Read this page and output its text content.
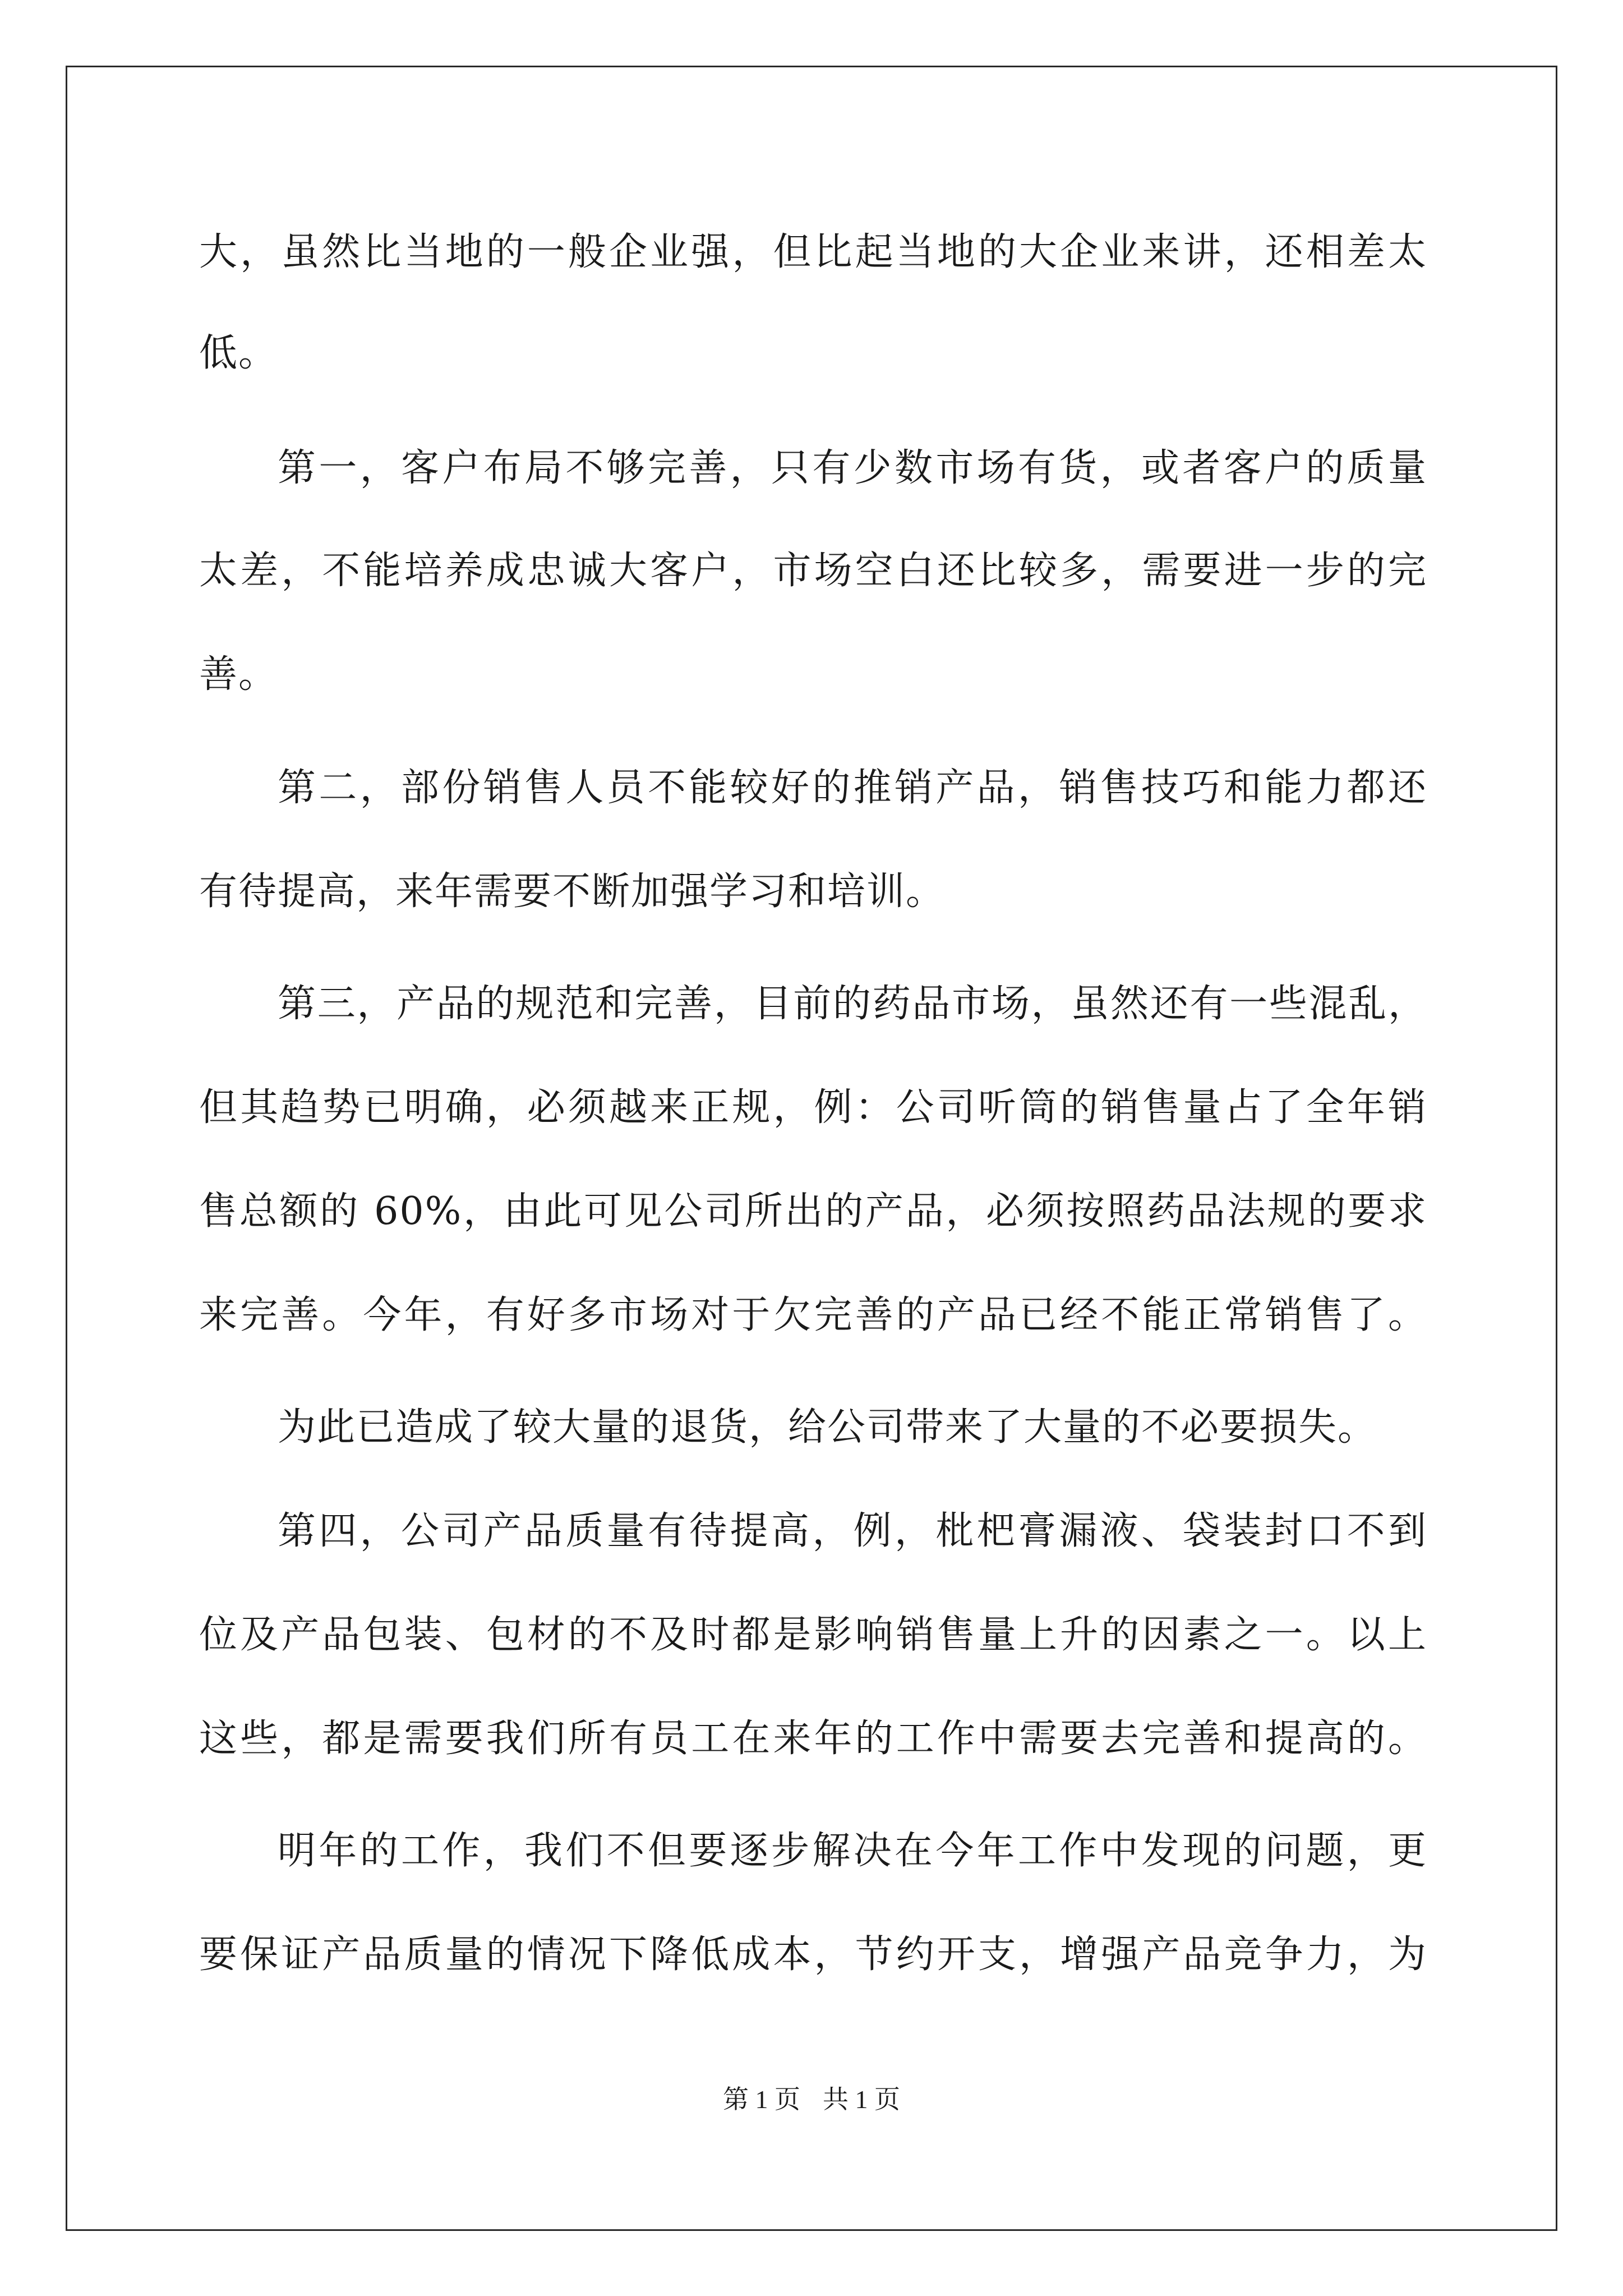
大，虽然比当地的一般企业强，但比起当地的大企业来讲，还相差太
低。
第一，客户布局不够完善，只有少数市场有货，或者客户的质量
太差，不能培养成忠诚大客户，市场空白还比较多，需要进一步的完
善。
第二，部份销售人员不能较好的推销产品，销售技巧和能力都还
有待提高，来年需要不断加强学习和培训。
第三，产品的规范和完善，目前的药品市场，虽然还有一些混乱，
但其趋势已明确，必须越来正规，例：公司听筒的销售量占了全年销
售总额的 60%，由此可见公司所出的产品，必须按照药品法规的要求
来完善。今年，有好多市场对于欠完善的产品已经不能正常销售了。
为此已造成了较大量的退货，给公司带来了大量的不必要损失。
第四，公司产品质量有待提高，例，枇杷膏漏液、袋装封口不到
位及产品包装、包材的不及时都是影响销售量上升的因素之一。以上
这些，都是需要我们所有员工在来年的工作中需要去完善和提高的。
明年的工作，我们不但要逐步解决在今年工作中发现的问题，更
要保证产品质量的情况下降低成本，节约开支，增强产品竞争力，为
第 1 页 共 1 页
